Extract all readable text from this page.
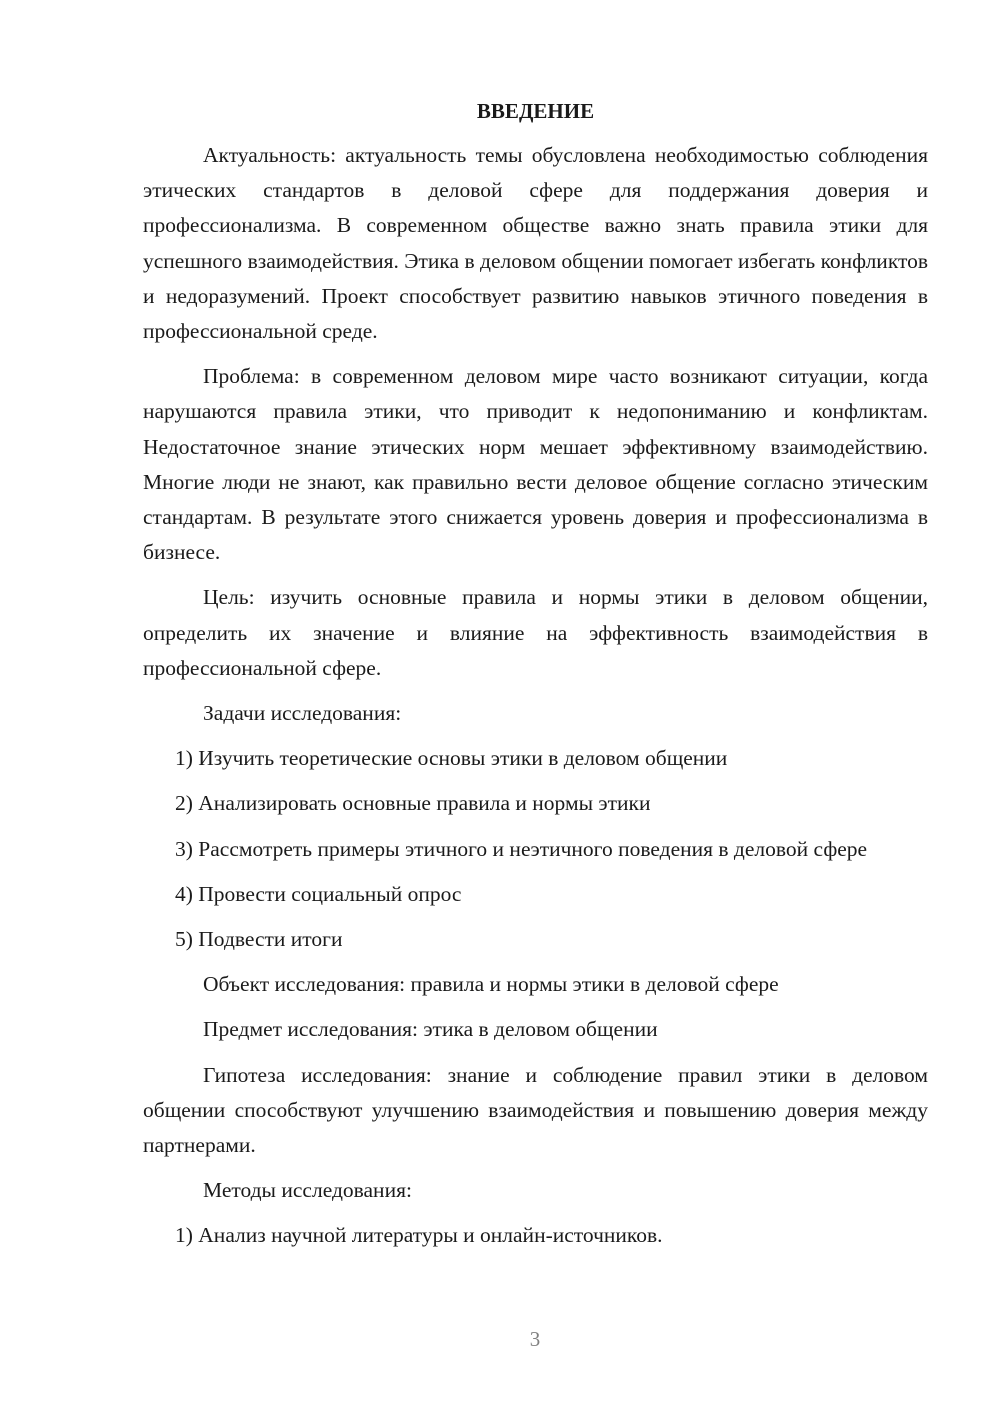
ВВЕДЕНИЕ

Актуальность: актуальность темы обусловлена необходимостью соблюдения этических стандартов в деловой сфере для поддержания доверия и профессионализма. В современном обществе важно знать правила этики для успешного взаимодействия. Этика в деловом общении помогает избегать конфликтов и недоразумений. Проект способствует развитию навыков этичного поведения в профессиональной среде.

Проблема: в современном деловом мире часто возникают ситуации, когда нарушаются правила этики, что приводит к недопониманию и конфликтам. Недостаточное знание этических норм мешает эффективному взаимодействию. Многие люди не знают, как правильно вести деловое общение согласно этическим стандартам. В результате этого снижается уровень доверия и профессионализма в бизнесе.

Цель: изучить основные правила и нормы этики в деловом общении, определить их значение и влияние на эффективность взаимодействия в профессиональной сфере.

Задачи исследования:

1) Изучить теоретические основы этики в деловом общении

2) Анализировать основные правила и нормы этики

3) Рассмотреть примеры этичного и неэтичного поведения в деловой сфере

4) Провести социальный опрос

5) Подвести итоги

Объект исследования: правила и нормы этики в деловой сфере

Предмет исследования: этика в деловом общении

Гипотеза исследования: знание и соблюдение правил этики в деловом общении способствуют улучшению взаимодействия и повышению доверия между партнерами.

Методы исследования:

1) Анализ научной литературы и онлайн-источников.

3
